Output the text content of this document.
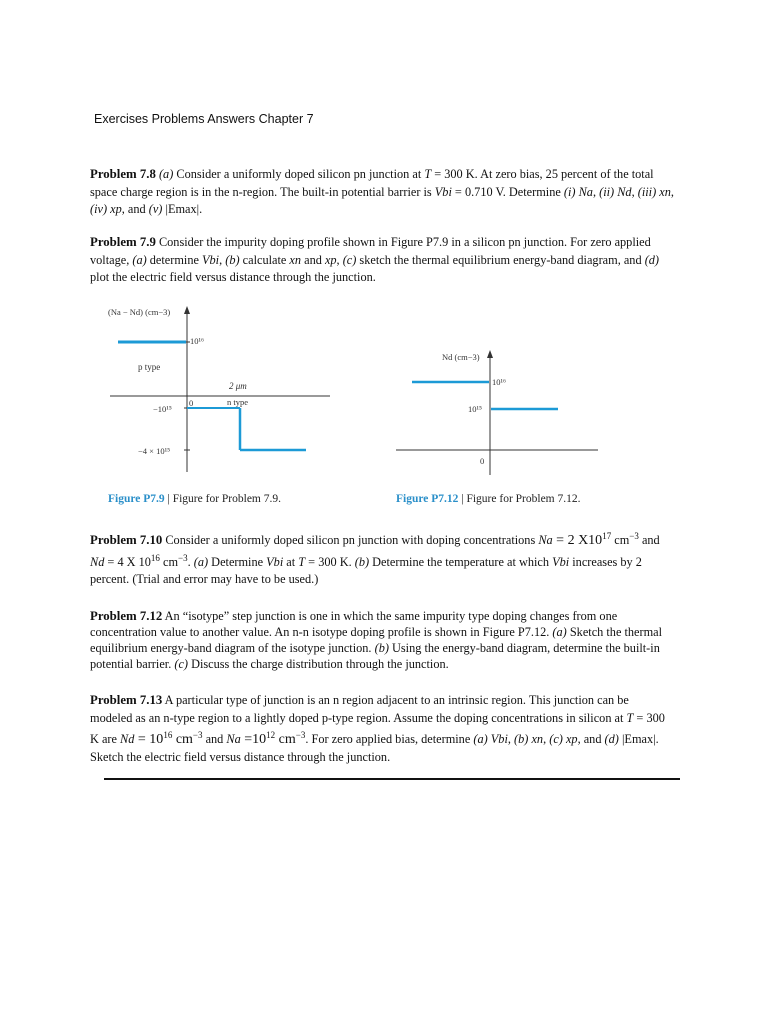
Exercises Problems Answers Chapter 7

Problem 7.8 (a) Consider a uniformly doped silicon pn junction at T = 300 K. At zero bias, 25 percent of the total space charge region is in the n-region. The built-in potential barrier is Vbi = 0.710 V. Determine (i) Na, (ii) Nd, (iii) xn, (iv) xp, and (v) |Emax|.

Problem 7.9 Consider the impurity doping profile shown in Figure P7.9 in a silicon pn junction. For zero applied voltage, (a) determine Vbi, (b) calculate xn and xp, (c) sketch the thermal equilibrium energy-band diagram, and (d) plot the electric field versus distance through the junction.

(Na − Nd) (cm−3)
10¹⁶
p type
2 μm
0	n type
−10¹⁵
−4 × 10¹⁵
Nd (cm−3)
10¹⁶
10¹⁵
0
Figure P7.9 | Figure for Problem 7.9.	Figure P7.12 | Figure for Problem 7.12.

Problem 7.10 Consider a uniformly doped silicon pn junction with doping concentrations Na = 2 $X10^{17}$ $cm^{-3}$ and Nd = 4 X $10^{16}$ $cm^{-3}$. (a) Determine Vbi at T = 300 K. (b) Determine the temperature at which Vbi increases by 2 percent. (Trial and error may have to be used.)

Problem 7.12 An “isotype” step junction is one in which the same impurity type doping changes from one concentration value to another value. An n-n isotype doping profile is shown in Figure P7.12. (a) Sketch the thermal equilibrium energy-band diagram of the isotype junction. (b) Using the energy-band diagram, determine the built-in potential barrier. (c) Discuss the charge distribution through the junction.

Problem 7.13 A particular type of junction is an n region adjacent to an intrinsic region. This junction can be modeled as an n-type region to a lightly doped p-type region. Assume the doping concentrations in silicon at T = 300 K are $Nd = 10^{16}$ $cm^{-3}$ and $Na =10^{12}$ $cm^{-3}$. For zero applied bias, determine (a) Vbi, (b) xn, (c) xp, and (d) |Emax|. Sketch the electric field versus distance through the junction.
